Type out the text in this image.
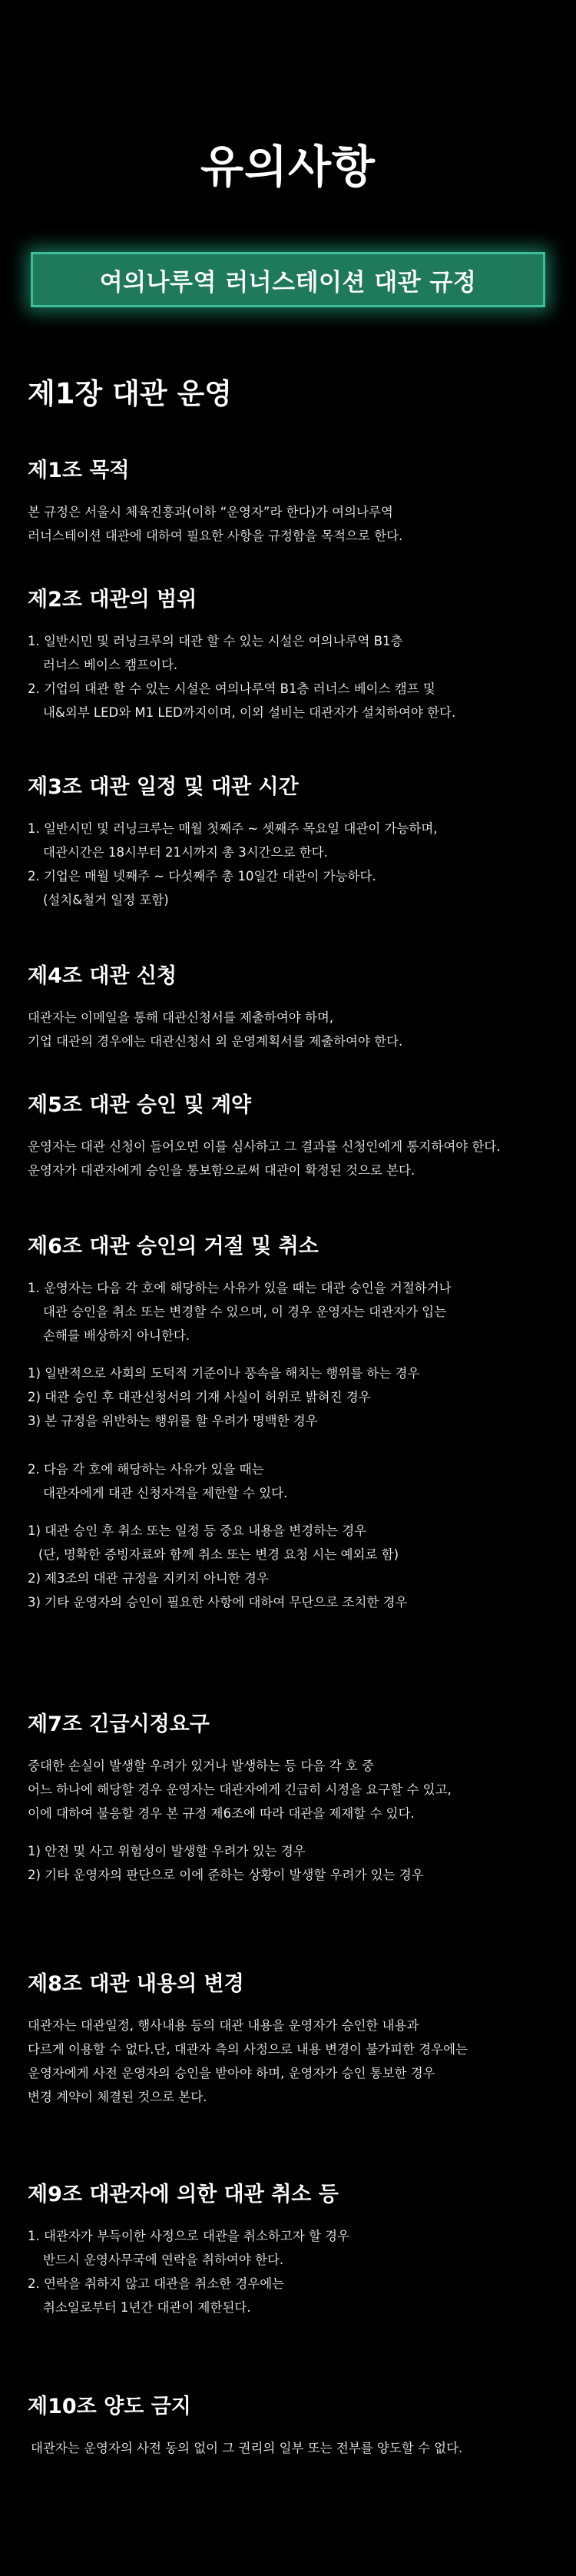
유의사항
여의나루역 러너스테이션 대관 규정
제1장 대관 운영
제1조 목적

본 규정은 서울시 체육진흥과(이하 “운영자”라 한다)가 여의나루역

러너스테이션 대관에 대하여 필요한 사항을 규정함을 목적으로 한다.

제2조 대관의 범위
1. 일반시민 및 러닝크루의 대관 할 수 있는 시설은 여의나루역 B1층
러너스 베이스 캠프이다.
2. 기업의 대관 할 수 있는 시설은 여의나루역 B1층 러너스 베이스 캠프 및
내&외부 LED와 M1 LED까지이며, 이외 설비는 대관자가 설치하여야 한다.
제3조 대관 일정 및 대관 시간
1. 일반시민 및 러닝크루는 매월 첫째주 ~ 셋째주 목요일 대관이 가능하며,
대관시간은 18시부터 21시까지 총 3시간으로 한다.
2. 기업은 매월 넷째주 ~ 다섯째주 총 10일간 대관이 가능하다.
(설치&철거 일정 포함)
제4조 대관 신청

대관자는 이메일을 통해 대관신청서를 제출하여야 하며,

기업 대관의 경우에는 대관신청서 외 운영계획서를 제출하여야 한다.

제5조 대관 승인 및 계약

운영자는 대관 신청이 들어오면 이를 심사하고 그 결과를 신청인에게 통지하여야 한다.

운영자가 대관자에게 승인을 통보함으로써 대관이 확정된 것으로 본다.

제6조 대관 승인의 거절 및 취소
1. 운영자는 다음 각 호에 해당하는 사유가 있을 때는 대관 승인을 거절하거나
대관 승인을 취소 또는 변경할 수 있으며, 이 경우 운영자는 대관자가 입는
손해를 배상하지 아니한다.
1) 일반적으로 사회의 도덕적 기준이나 풍속을 해치는 행위를 하는 경우
2) 대관 승인 후 대관신청서의 기재 사실이 허위로 밝혀진 경우
3) 본 규정을 위반하는 행위를 할 우려가 명백한 경우
2. 다음 각 호에 해당하는 사유가 있을 때는
대관자에게 대관 신청자격을 제한할 수 있다.
1) 대관 승인 후 취소 또는 일정 등 중요 내용을 변경하는 경우
(단, 명확한 증빙자료와 함께 취소 또는 변경 요청 시는 예외로 함)
2) 제3조의 대관 규정을 지키지 아니한 경우
3) 기타 운영자의 승인이 필요한 사항에 대하여 무단으로 조치한 경우
제7조 긴급시정요구

중대한 손실이 발생할 우려가 있거나 발생하는 등 다음 각 호 중

어느 하나에 해당할 경우 운영자는 대관자에게 긴급히 시정을 요구할 수 있고,

이에 대하여 불응할 경우 본 규정 제6조에 따라 대관을 제재할 수 있다.

1) 안전 및 사고 위험성이 발생할 우려가 있는 경우
2) 기타 운영자의 판단으로 이에 준하는 상황이 발생할 우려가 있는 경우
제8조 대관 내용의 변경

대관자는 대관일정, 행사내용 등의 대관 내용을 운영자가 승인한 내용과

다르게 이용할 수 없다.단, 대관자 측의 사정으로 내용 변경이 불가피한 경우에는

운영자에게 사전 운영자의 승인을 받아야 하며, 운영자가 승인 통보한 경우

변경 계약이 체결된 것으로 본다.

제9조 대관자에 의한 대관 취소 등
1. 대관자가 부득이한 사정으로 대관을 취소하고자 할 경우
반드시 운영사무국에 연락을 취하여야 한다.
2. 연락을 취하지 않고 대관을 취소한 경우에는
취소일로부터 1년간 대관이 제한된다.
제10조 양도 금지

대관자는 운영자의 사전 동의 없이 그 권리의 일부 또는 전부를 양도할 수 없다.
